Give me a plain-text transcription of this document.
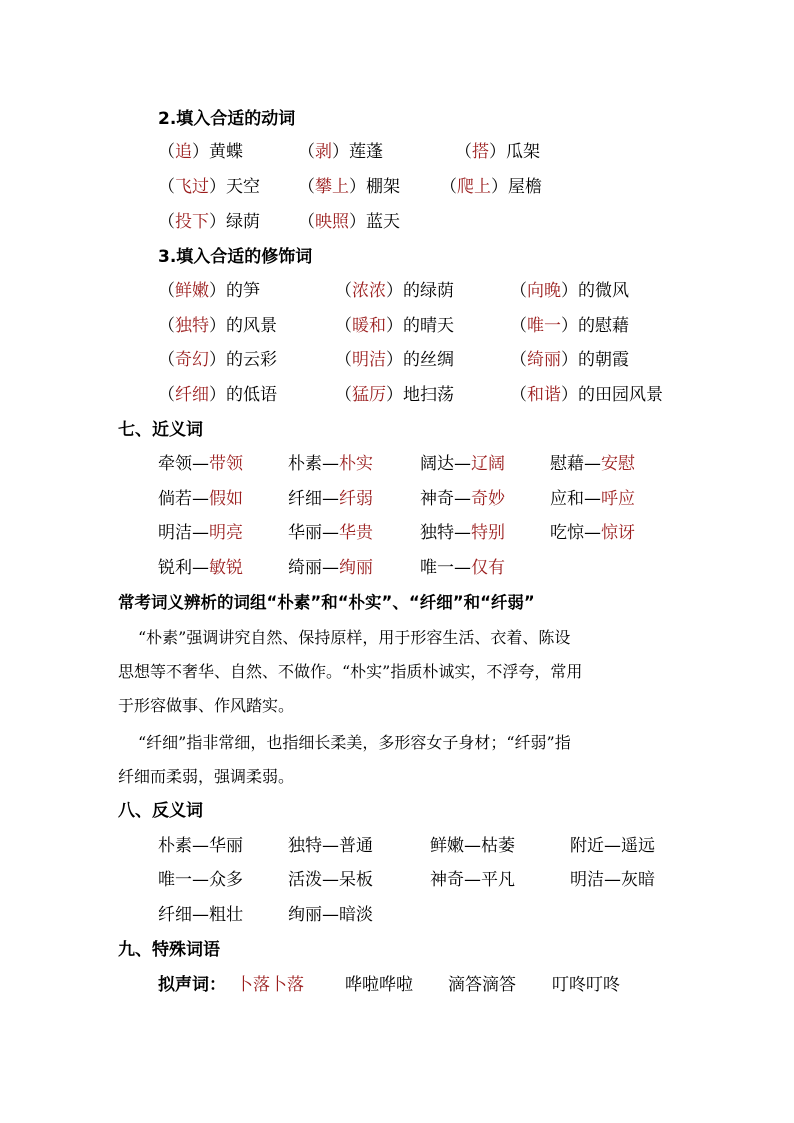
2.填入合适的动词
（追）黄蝶	（剥）莲蓬	（搭）瓜架
（飞过）天空 （攀上）棚架 （爬上）屋檐
（投下）绿荫 （映照）蓝天
3.填入合适的修饰词
（鲜嫩）的笋	（浓浓）的绿荫	（向晚）的微风
（独特）的风景	（暖和）的晴天	（唯一）的慰藉
（奇幻）的云彩	（明洁）的丝绸	（绮丽）的朝霞
（纤细）的低语	（猛厉）地扫荡	（和谐）的田园风景
七、近义词
牵领—带领	朴素—朴实	阔达—辽阔	慰藉—安慰
倘若—假如	纤细—纤弱	神奇—奇妙	应和—呼应
明洁—明亮	华丽—华贵	独特—特别	吃惊—惊讶
锐利—敏锐	绮丽—绚丽	唯一—仅有
常考词义辨析的词组“朴素”和“朴实”、“纤细”和“纤弱”
“朴素”强调讲究自然、保持原样，用于形容生活、衣着、陈设
思想等不奢华、自然、不做作。“朴实”指质朴诚实，不浮夸，常用
于形容做事、作风踏实。
“纤细”指非常细，也指细长柔美，多形容女子身材；“纤弱”指
纤细而柔弱，强调柔弱。
八、反义词
朴素—华丽	独特—普通	鲜嫩—枯萎	附近—遥远
唯一—众多	活泼—呆板	神奇—平凡	明洁—灰暗
纤细—粗壮	绚丽—暗淡
九、特殊词语
拟声词： 卜落卜落 哗啦哗啦 滴答滴答 叮咚叮咚
